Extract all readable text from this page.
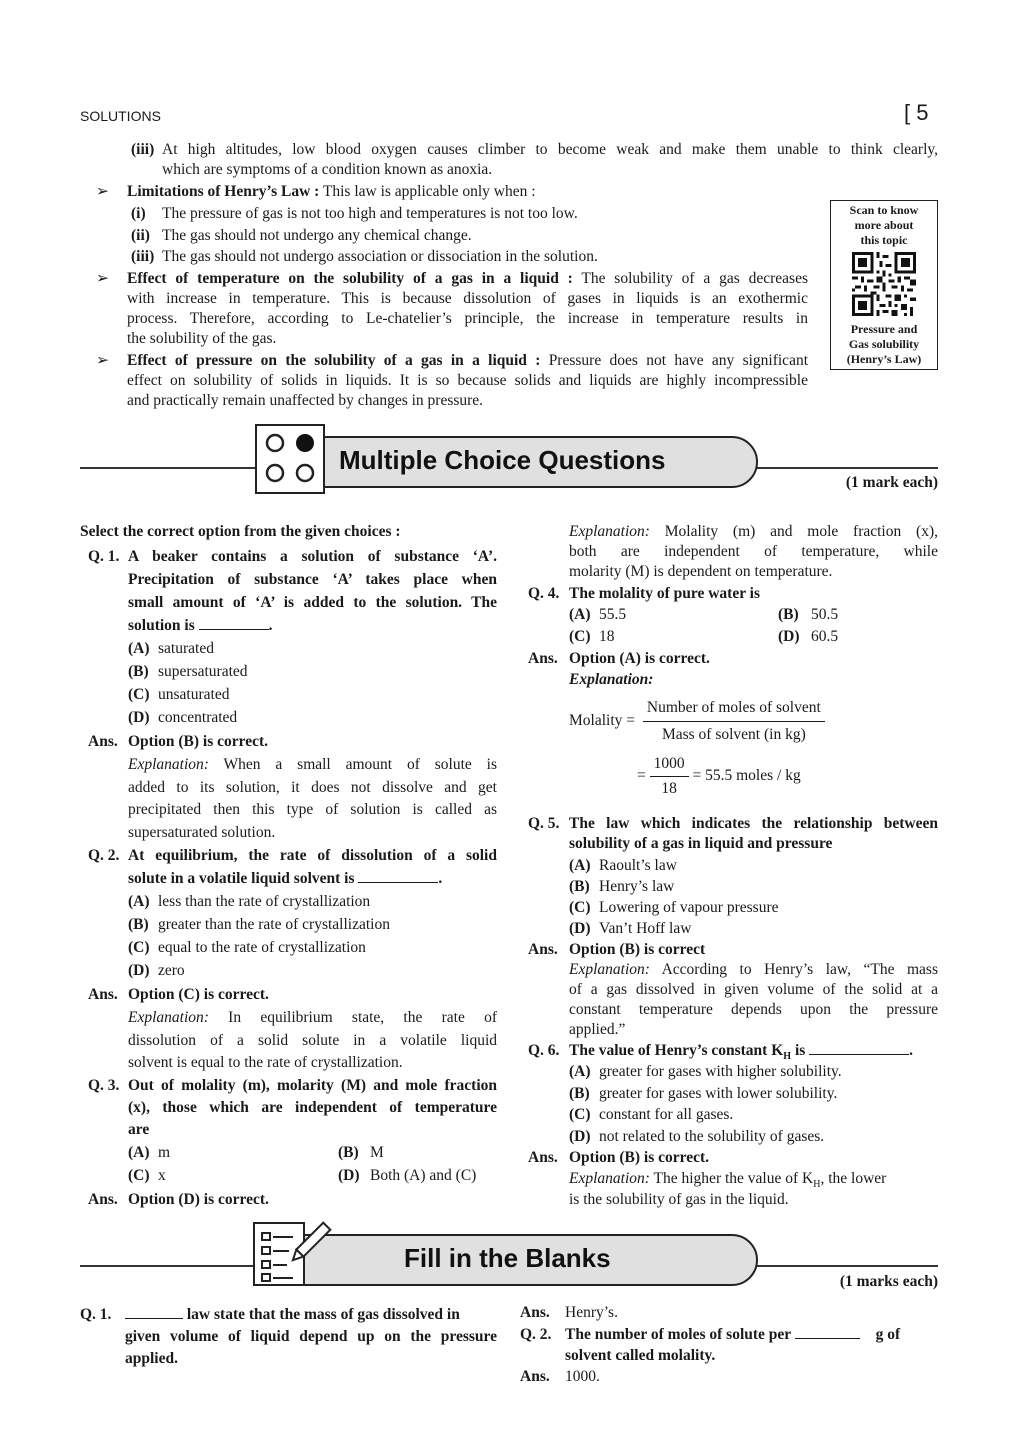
SOLUTIONS	[ 5
(iii) At high altitudes, low blood oxygen causes climber to become weak and make them unable to think clearly,
which are symptoms of a condition known as anoxia.
➢ Limitations of Henry’s Law : This law is applicable only when :
(i) The pressure of gas is not too high and temperatures is not too low.
(ii) The gas should not undergo any chemical change.
(iii) The gas should not undergo association or dissociation in the solution.
➢ Effect of temperature on the solubility of a gas in a liquid : The solubility of a gas decreases
with increase in temperature. This is because dissolution of gases in liquids is an exothermic
process. Therefore, according to Le-chatelier’s principle, the increase in temperature results in
the solubility of the gas.
➢ Effect of pressure on the solubility of a gas in a liquid : Pressure does not have any significant
effect on solubility of solids in liquids. It is so because solids and liquids are highly incompressible
and practically remain unaffected by changes in pressure.
Scan to know
more about
this topic
Pressure and
Gas solubility
(Henry’s Law)
Multiple Choice Questions
(1 mark each)
Select the correct option from the given choices :
Q. 1. A beaker contains a solution of substance ‘A’.
Precipitation of substance ‘A’ takes place when
small amount of ‘A’ is added to the solution. The
solution is	.
(A) saturated
(B) supersaturated
(C) unsaturated
(D) concentrated
Ans. Option (B) is correct.
Explanation: When a small amount of solute is
added to its solution, it does not dissolve and get
precipitated then this type of solution is called as
supersaturated solution.
Q. 2. At equilibrium, the rate of dissolution of a solid
solute in a volatile liquid solvent is	.
(A) less than the rate of crystallization
(B) greater than the rate of crystallization
(C) equal to the rate of crystallization
(D) zero
Ans. Option (C) is correct.
Explanation: In equilibrium state, the rate of
dissolution of a solid solute in a volatile liquid
solvent is equal to the rate of crystallization.
Q. 3. Out of molality (m), molarity (M) and mole fraction
(x), those which are independent of temperature
are
(A) m	(B) M
(C) x	(D) Both (A) and (C)
Ans. Option (D) is correct.
Explanation: Molality (m) and mole fraction (x),
both are independent of temperature, while
molarity (M) is dependent on temperature.
Q. 4. The molality of pure water is
(A) 55.5	(B) 50.5
(C) 18	(D) 60.5
Ans. Option (A) is correct.
Explanation:
Molality = $\frac{\text{Number of moles of solvent}}{\text{Mass of solvent (in kg)}}$
= $\frac{1000}{18} = 55.5$ moles / kg
Q. 5. The law which indicates the relationship between
solubility of a gas in liquid and pressure
(A) Raoult’s law
(B) Henry’s law
(C) Lowering of vapour pressure
(D) Van’t Hoff law
Ans. Option (B) is correct
Explanation: According to Henry’s law, “The mass
of a gas dissolved in given volume of the solid at a
constant temperature depends upon the pressure
applied.”
Q. 6. The value of Henry’s constant $K_H$ is	.
(A) greater for gases with higher solubility.
(B) greater for gases with lower solubility.
(C) constant for all gases.
(D) not related to the solubility of gases.
Ans. Option (B) is correct.
Explanation: The higher the value of $K_H$, the lower
is the solubility of gas in the liquid.
Fill in the Blanks
(1 marks each)
Q. 1.	law state that the mass of gas dissolved in
given volume of liquid depend up on the pressure
applied.
Ans. Henry’s.
Q. 2. The number of moles of solute per	g of
solvent called molality.
Ans. 1000.
